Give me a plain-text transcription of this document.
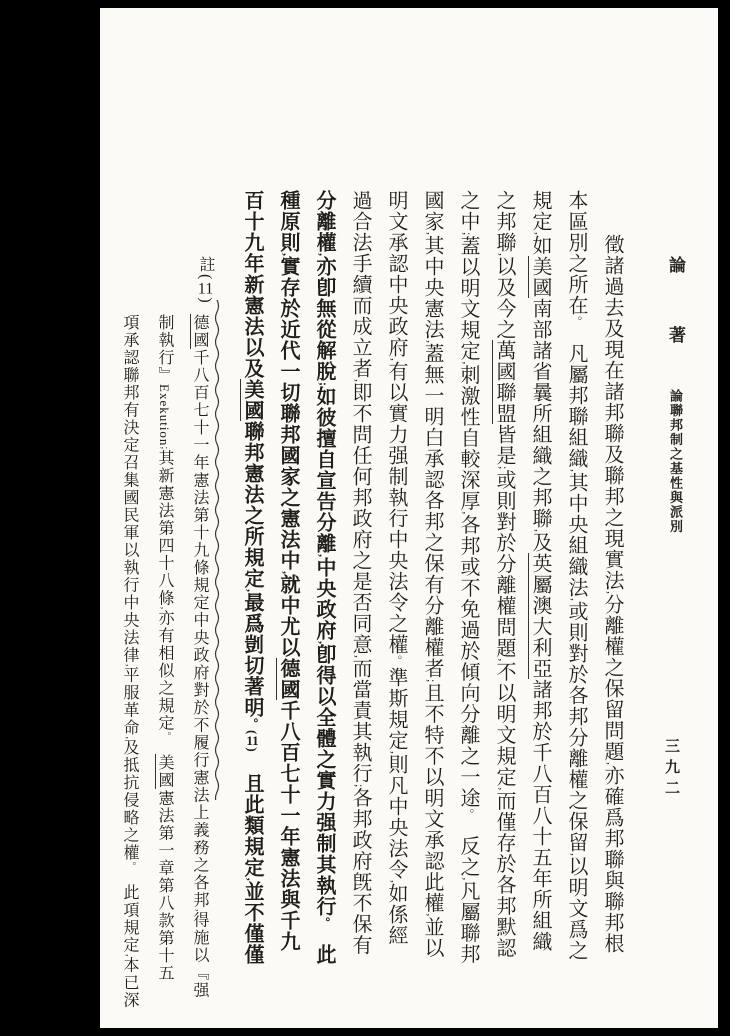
論　著論聯邦制之基性與派別
三九二
徵諸過去及現在諸邦聯及聯邦之現實法,分離權之保留問題,亦確爲邦聯與聯邦根
本區別之所在。　凡屬邦聯組織,其中央組織法,或則對於各邦分離權之保留,以明文爲之
規定,如美國南部諸省曩所組織之邦聯,及英屬澳大利亞諸邦於千八百八十五年所組織
之邦聯,以及今之萬國聯盟皆是;或則對於分離權問題,不以明文規定,而僅存於各邦默認
之中;蓋以明文規定,刺激性自較深厚,各邦或不免過於傾向分離之一途。　反之,凡屬聯邦
國家,其中央憲法,蓋無一明白承認各邦之保有分離權者;且不特不以明文承認此權,並以
明文承認中央政府,有以實力强制執行中央法令之權。準斯規定,則凡中央法令,如係經
過合法手續而成立者,即不問任何邦政府之是否同意,而當責其執行;各邦政府旣不保有
分離權,亦卽無從解脫;如彼擅自宣告分離,中央政府,卽得以全體之實力强制其執行。　此
種原則,實存於近代一切聯邦國家之憲法中,就中尤以德國千八百七十一年憲法與千九
百十九年新憲法以及美國聯邦憲法之所規定,最爲剴切著明。(11)　且此類規定,並不僅僅
註(11)
德國千八百七十一年憲法第十九條規定中央政府對於不履行憲法上義務之各邦,得施以『强
制執行』Exekution;其新憲法第四十八條,亦有相似之規定。　美國憲法第一章第八款第十五
項承認聯邦有決定召集國民軍以執行中央法律,平服革命,及抵抗侵略之權。　此項規定,本已深
